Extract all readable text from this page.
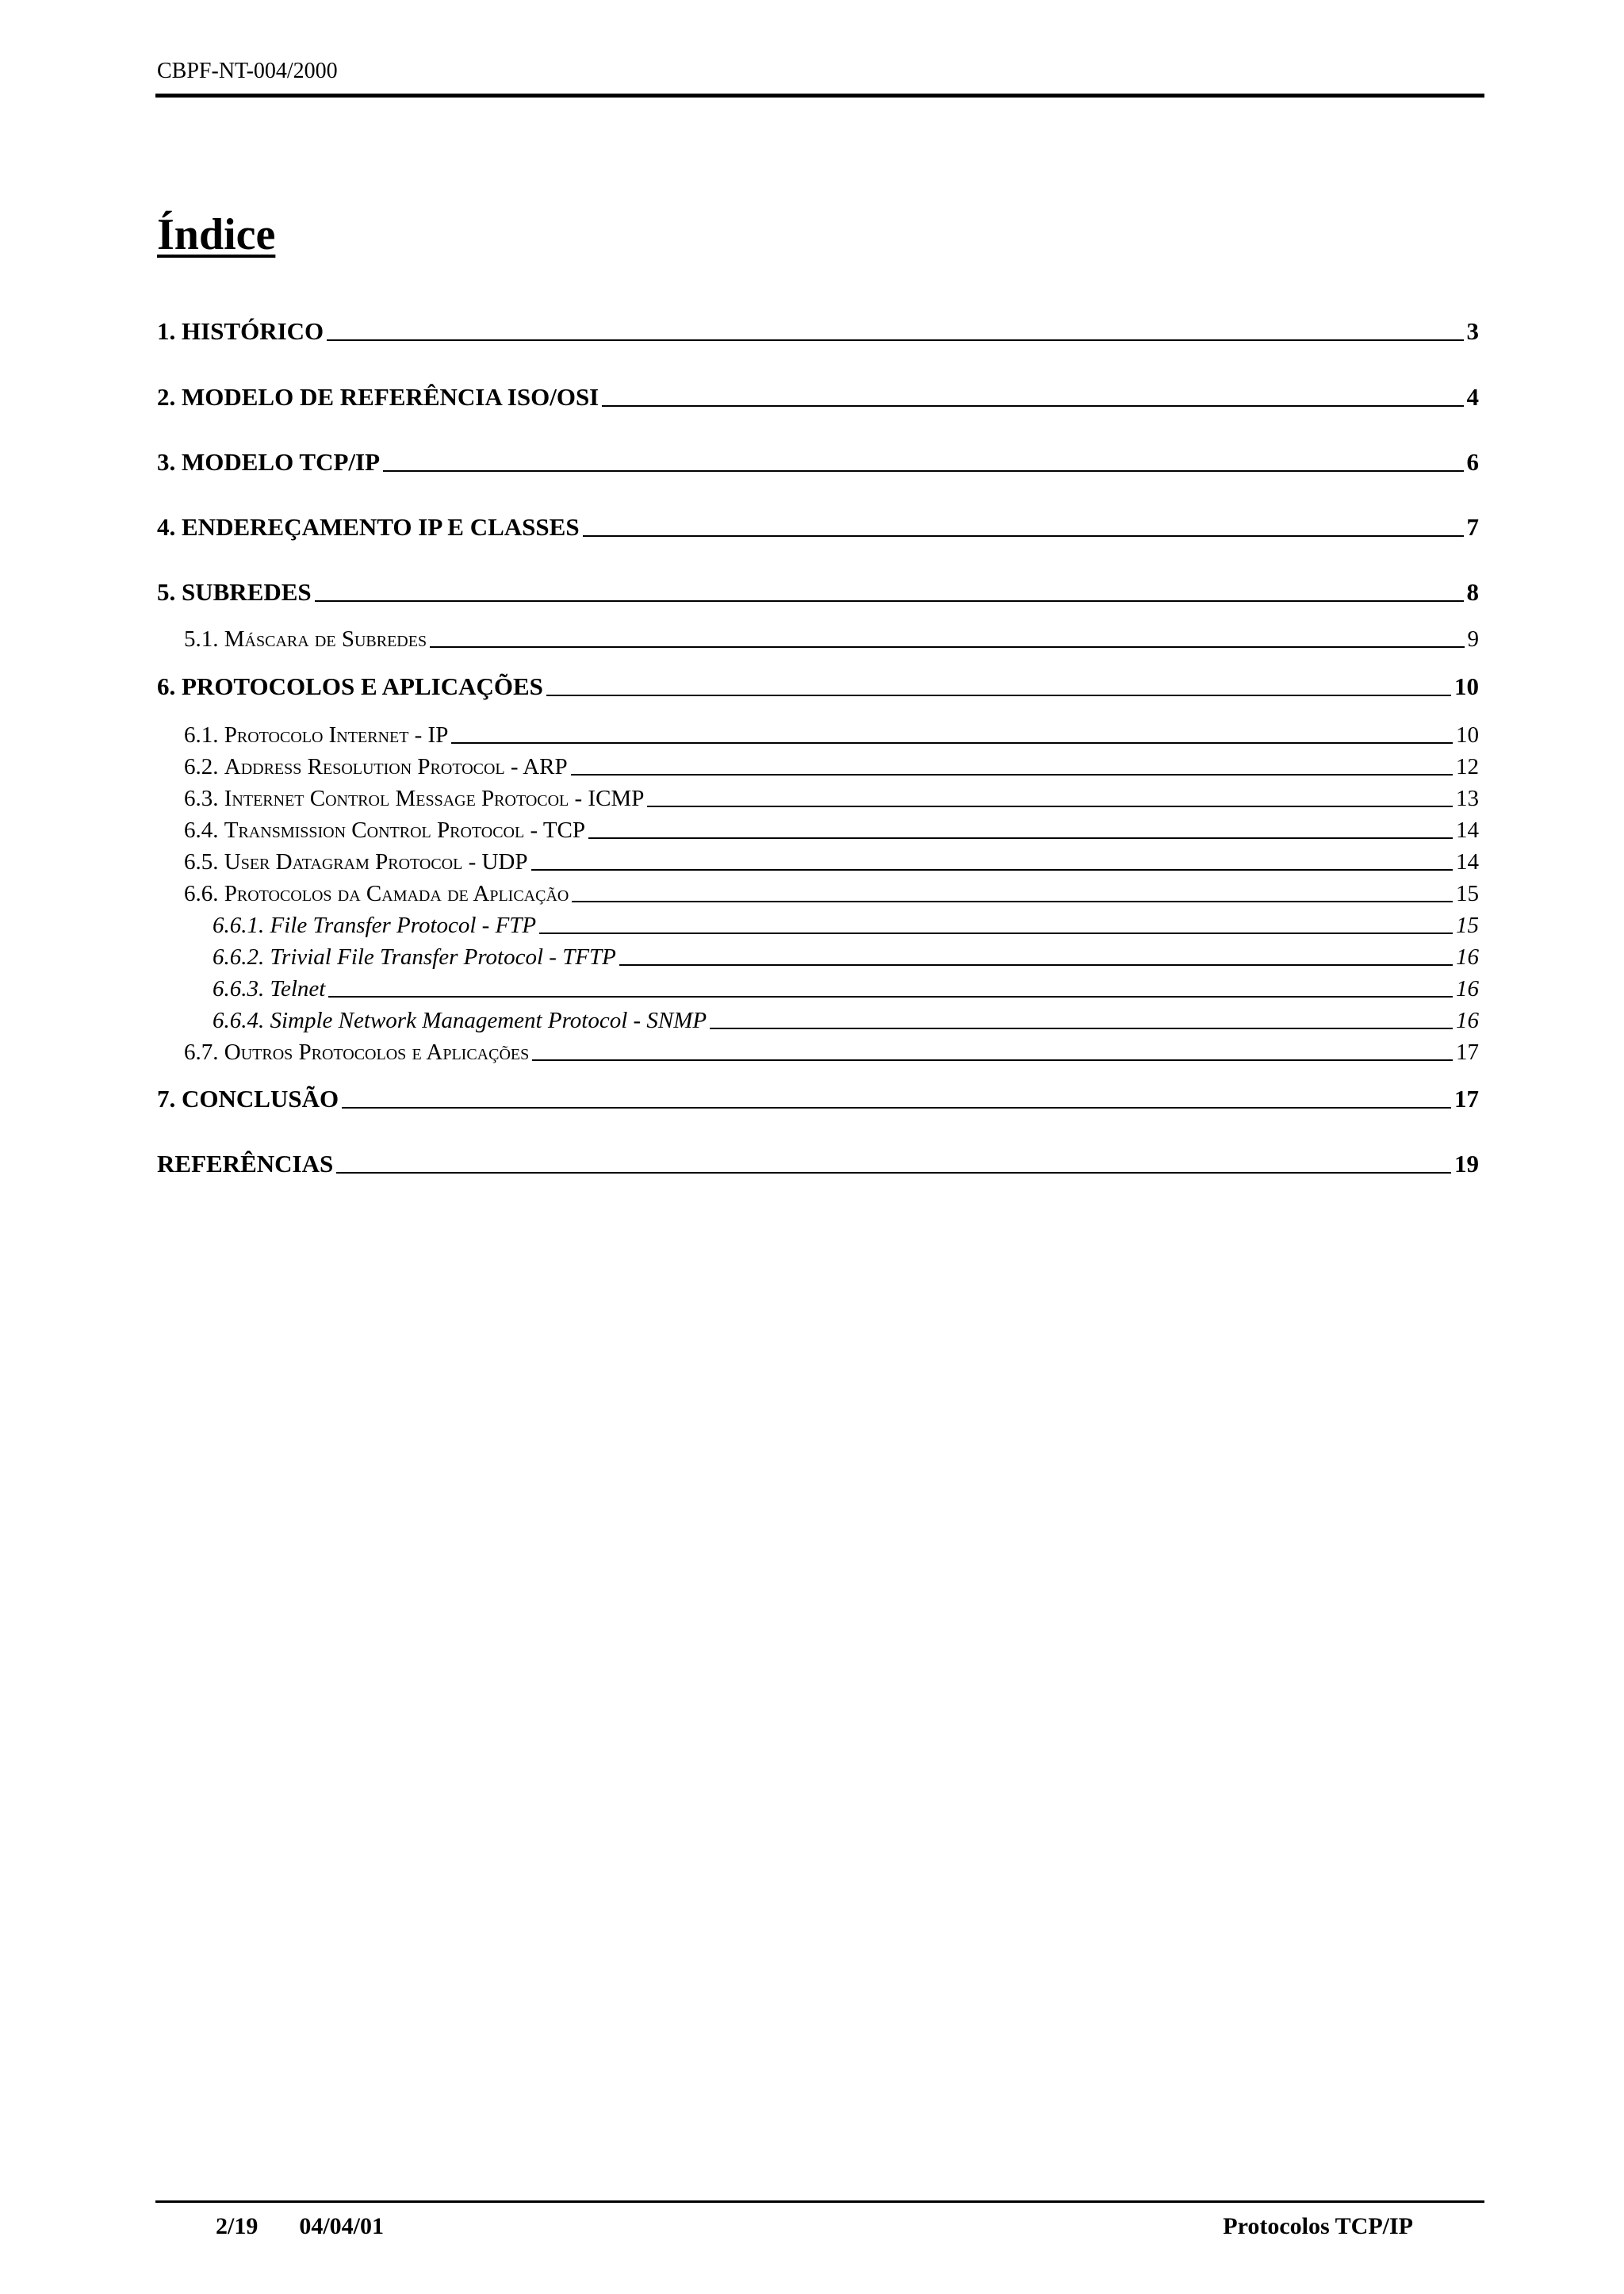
CBPF-NT-004/2000
Índice
1. HISTÓRICO	3
2. MODELO DE REFERÊNCIA ISO/OSI	4
3. MODELO TCP/IP	6
4. ENDEREÇAMENTO IP E CLASSES	7
5. SUBREDES	8
5.1. Máscara de Subredes	9
6. PROTOCOLOS E APLICAÇÕES	10
6.1. Protocolo Internet - IP	10
6.2. Address Resolution Protocol - ARP	12
6.3. Internet Control Message Protocol - ICMP	13
6.4. Transmission Control Protocol - TCP	14
6.5. User Datagram Protocol - UDP	14
6.6. Protocolos da Camada de Aplicação	15
6.6.1. File Transfer Protocol - FTP	15
6.6.2. Trivial File Transfer Protocol - TFTP	16
6.6.3. Telnet	16
6.6.4. Simple Network Management Protocol - SNMP	16
6.7. Outros Protocolos e Aplicações	17
7. CONCLUSÃO	17
REFERÊNCIAS	19
2/19 04/04/01	Protocolos TCP/IP
